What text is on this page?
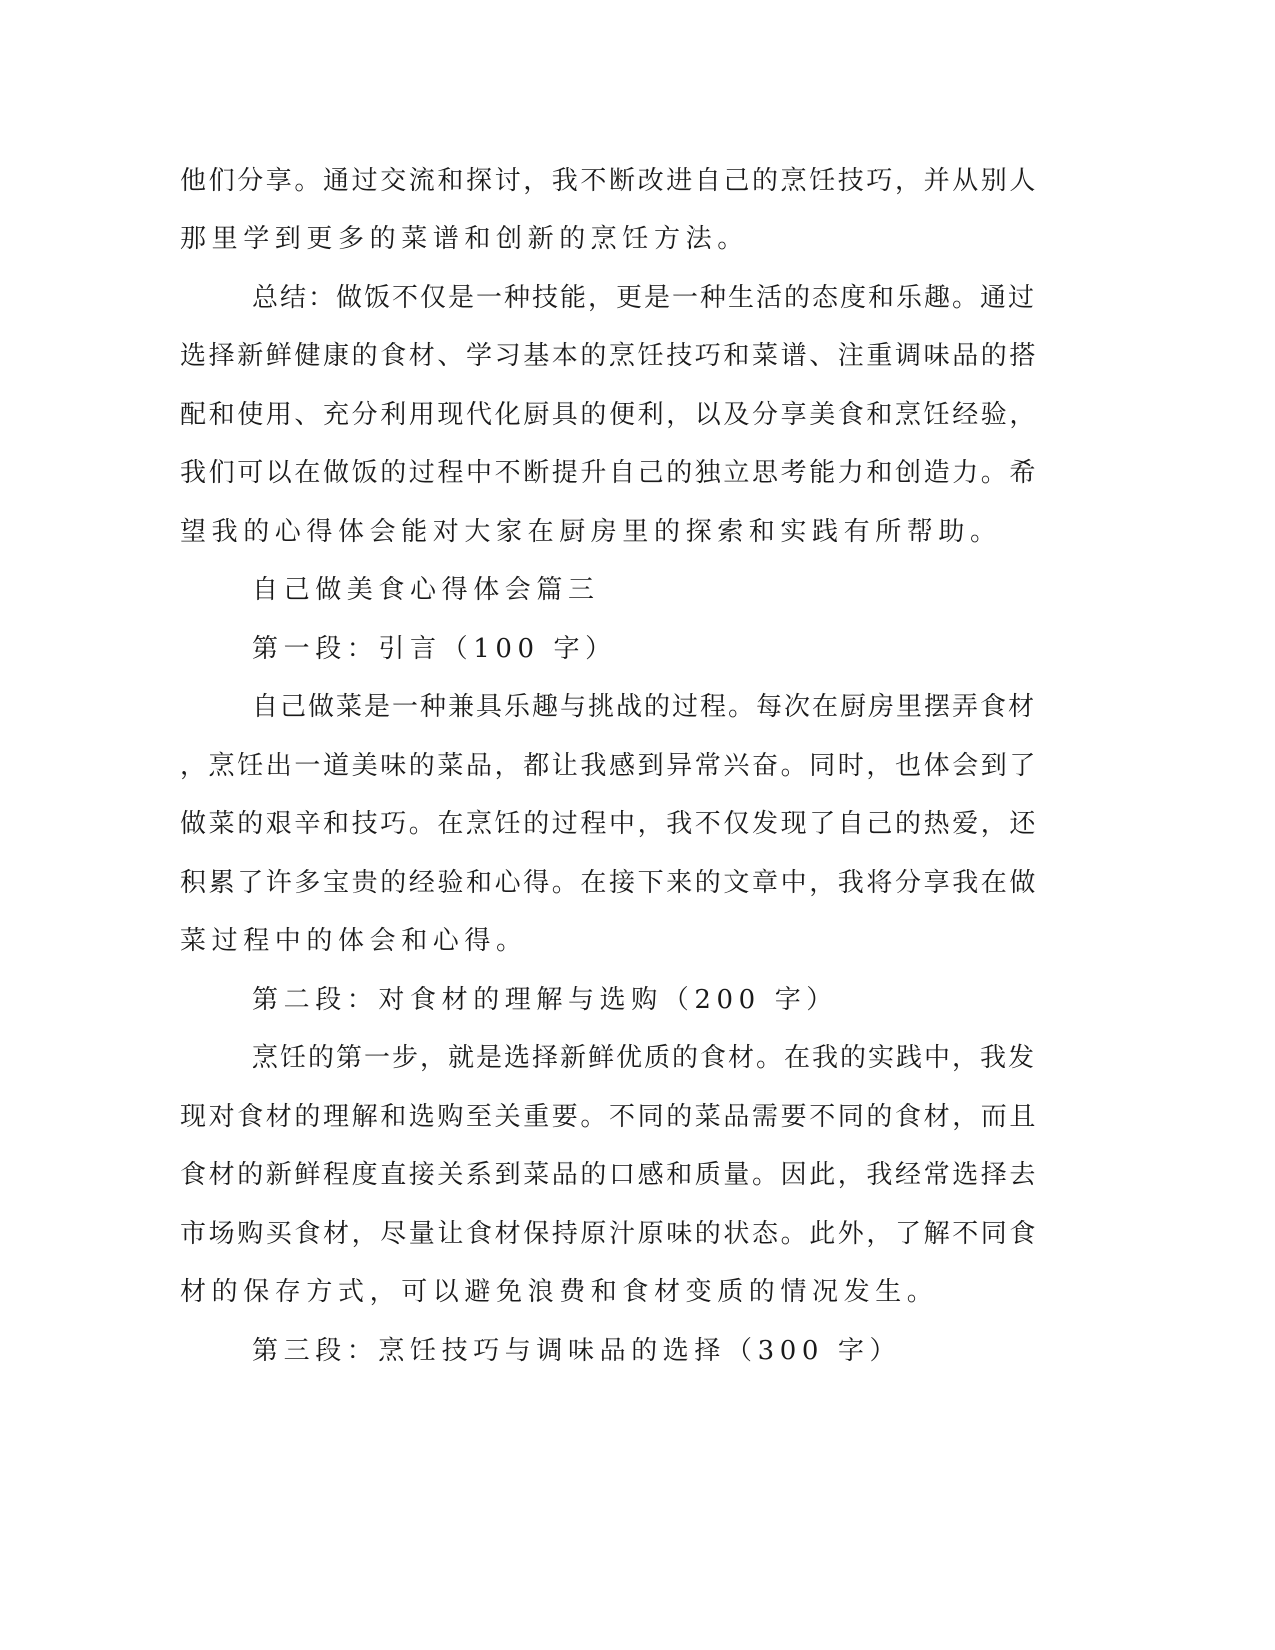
他们分享。通过交流和探讨，我不断改进自己的烹饪技巧，并从别人

那里学到更多的菜谱和创新的烹饪方法。

总结：做饭不仅是一种技能，更是一种生活的态度和乐趣。通过

选择新鲜健康的食材、学习基本的烹饪技巧和菜谱、注重调味品的搭

配和使用、充分利用现代化厨具的便利，以及分享美食和烹饪经验，

我们可以在做饭的过程中不断提升自己的独立思考能力和创造力。希

望我的心得体会能对大家在厨房里的探索和实践有所帮助。

自己做美食心得体会篇三

第一段：引言（100 字）

自己做菜是一种兼具乐趣与挑战的过程。每次在厨房里摆弄食材

，烹饪出一道美味的菜品，都让我感到异常兴奋。同时，也体会到了

做菜的艰辛和技巧。在烹饪的过程中，我不仅发现了自己的热爱，还

积累了许多宝贵的经验和心得。在接下来的文章中，我将分享我在做

菜过程中的体会和心得。

第二段：对食材的理解与选购（200 字）

烹饪的第一步，就是选择新鲜优质的食材。在我的实践中，我发

现对食材的理解和选购至关重要。不同的菜品需要不同的食材，而且

食材的新鲜程度直接关系到菜品的口感和质量。因此，我经常选择去

市场购买食材，尽量让食材保持原汁原味的状态。此外，了解不同食

材的保存方式，可以避免浪费和食材变质的情况发生。

第三段：烹饪技巧与调味品的选择（300 字）
